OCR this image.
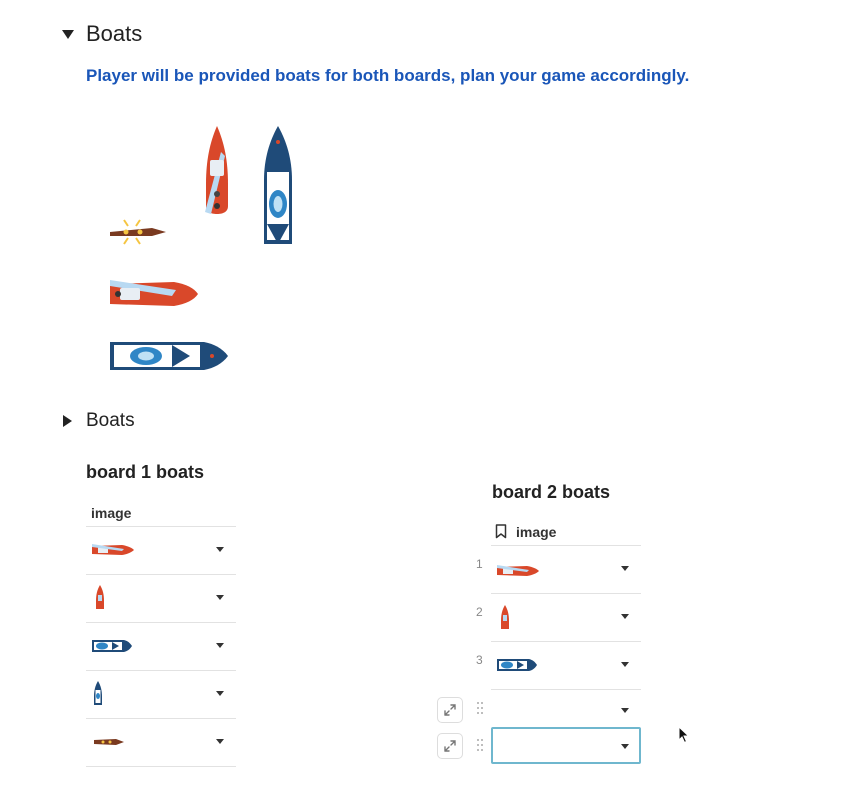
Boats
Player will be provided boats for both boards, plan your game accordingly.
Boats
board 1 boats
image
board 2 boats
image
1
2
3
